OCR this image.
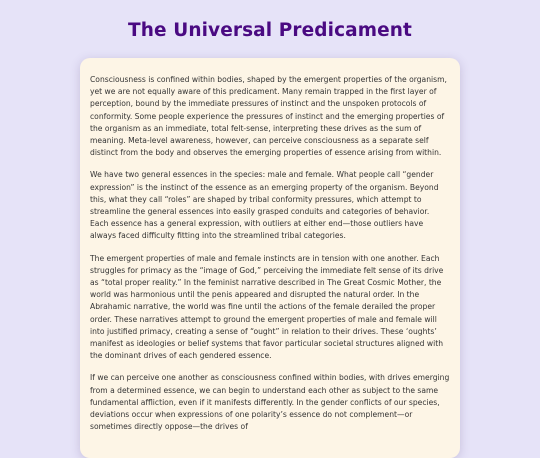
The Universal Predicament

Consciousness is confined within bodies, shaped by the emergent properties of the organism, yet we are not equally aware of this predicament. Many remain trapped in the first layer of perception, bound by the immediate pressures of instinct and the unspoken protocols of conformity. Some people experience the pressures of instinct and the emerging properties of the organism as an immediate, total felt-sense, interpreting these drives as the sum of meaning. Meta-level awareness, however, can perceive consciousness as a separate self distinct from the body and observes the emerging properties of essence arising from within.

We have two general essences in the species: male and female. What people call “gender expression” is the instinct of the essence as an emerging property of the organism. Beyond this, what they call “roles” are shaped by tribal conformity pressures, which attempt to streamline the general essences into easily grasped conduits and categories of behavior. Each essence has a general expression, with outliers at either end—those outliers have always faced difficulty fitting into the streamlined tribal categories.

The emergent properties of male and female instincts are in tension with one another. Each struggles for primacy as the “image of God,” perceiving the immediate felt sense of its drive as “total proper reality.” In the feminist narrative described in The Great Cosmic Mother, the world was harmonious until the penis appeared and disrupted the natural order. In the Abrahamic narrative, the world was fine until the actions of the female derailed the proper order. These narratives attempt to ground the emergent properties of male and female will into justified primacy, creating a sense of “ought” in relation to their drives. These ‘oughts’ manifest as ideologies or belief systems that favor particular societal structures aligned with the dominant drives of each gendered essence.

If we can perceive one another as consciousness confined within bodies, with drives emerging from a determined essence, we can begin to understand each other as subject to the same fundamental affliction, even if it manifests differently. In the gender conflicts of our species, deviations occur when expressions of one polarity’s essence do not complement—or sometimes directly oppose—the drives of
